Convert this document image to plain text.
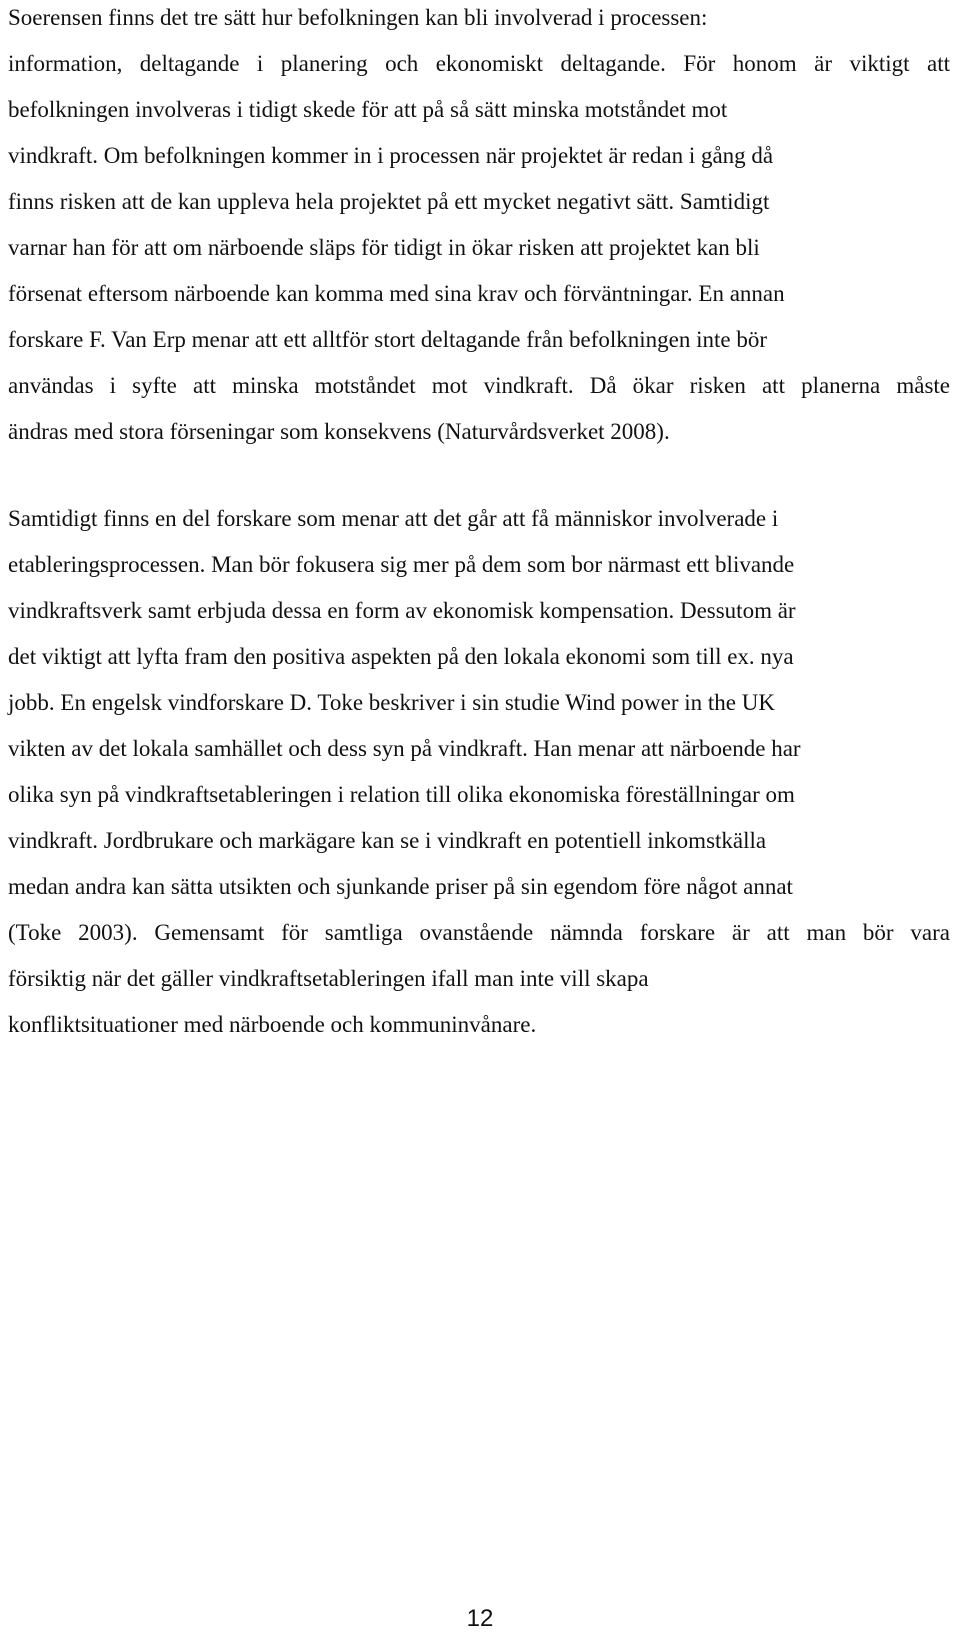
Soerensen finns det tre sätt hur befolkningen kan bli involverad i processen:
information, deltagande i planering och ekonomiskt deltagande. För honom är viktigt att
befolkningen involveras i tidigt skede för att på så sätt minska motståndet mot
vindkraft. Om befolkningen kommer in i processen när projektet är redan i gång då
finns risken att de kan uppleva hela projektet på ett mycket negativt sätt. Samtidigt
varnar han för att om närboende släps för tidigt in ökar risken att projektet kan bli
försenat eftersom närboende kan komma med sina krav och förväntningar. En annan
forskare F. Van Erp menar att ett alltför stort deltagande från befolkningen inte bör
användas i syfte att minska motståndet mot vindkraft. Då ökar risken att planerna måste
ändras med stora förseningar som konsekvens (Naturvårdsverket 2008).
Samtidigt finns en del forskare som menar att det går att få människor involverade i
etableringsprocessen. Man bör fokusera sig mer på dem som bor närmast ett blivande
vindkraftsverk samt erbjuda dessa en form av ekonomisk kompensation. Dessutom är
det viktigt att lyfta fram den positiva aspekten på den lokala ekonomi som till ex. nya
jobb. En engelsk vindforskare D. Toke beskriver i sin studie Wind power in the UK
vikten av det lokala samhället och dess syn på vindkraft. Han menar att närboende har
olika syn på vindkraftsetableringen i relation till olika ekonomiska föreställningar om
vindkraft. Jordbrukare och markägare kan se i vindkraft en potentiell inkomstkälla
medan andra kan sätta utsikten och sjunkande priser på sin egendom före något annat
(Toke 2003). Gemensamt för samtliga ovanstående nämnda forskare är att man bör vara
försiktig när det gäller vindkraftsetableringen ifall man inte vill skapa
konfliktsituationer med närboende och kommuninvånare.
12
